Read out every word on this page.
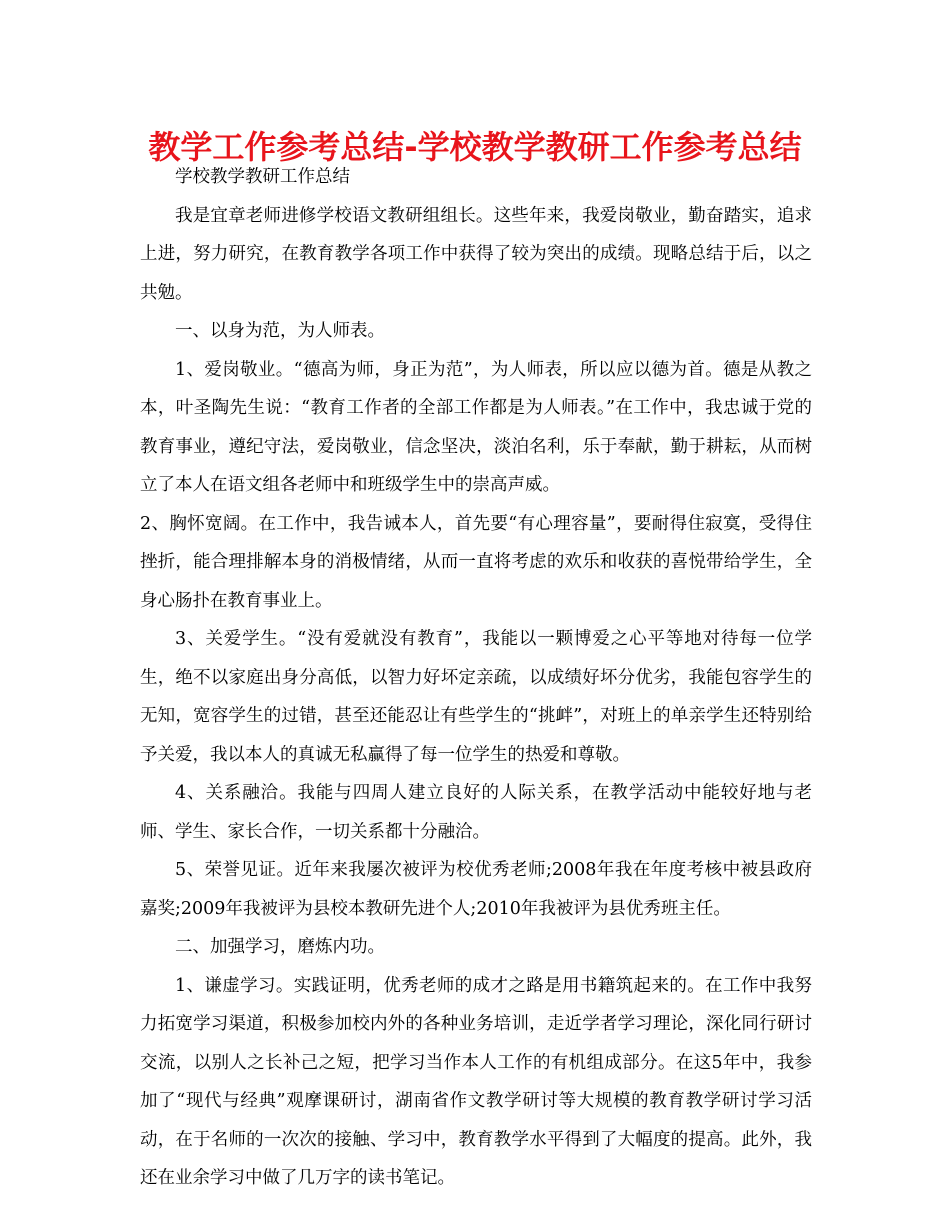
教学工作参考总结-学校教学教研工作参考总结

学校教学教研工作总结

我是宜章老师进修学校语文教研组组长。这些年来，我爱岗敬业，勤奋踏实，追求上进，努力研究，在教育教学各项工作中获得了较为突出的成绩。现略总结于后，以之共勉。

一、以身为范，为人师表。

1、爱岗敬业。“德高为师，身正为范”，为人师表，所以应以德为首。德是从教之本，叶圣陶先生说：“教育工作者的全部工作都是为人师表。”在工作中，我忠诚于党的教育事业，遵纪守法，爱岗敬业，信念坚决，淡泊名利，乐于奉献，勤于耕耘，从而树立了本人在语文组各老师中和班级学生中的崇高声威。

2、胸怀宽阔。在工作中，我告诫本人，首先要“有心理容量”，要耐得住寂寞，受得住挫折，能合理排解本身的消极情绪，从而一直将考虑的欢乐和收获的喜悦带给学生，全身心肠扑在教育事业上。

3、关爱学生。“没有爱就没有教育”，我能以一颗博爱之心平等地对待每一位学生，绝不以家庭出身分高低，以智力好坏定亲疏，以成绩好坏分优劣，我能包容学生的无知，宽容学生的过错，甚至还能忍让有些学生的“挑衅”，对班上的单亲学生还特别给予关爱，我以本人的真诚无私赢得了每一位学生的热爱和尊敬。

4、关系融洽。我能与四周人建立良好的人际关系，在教学活动中能较好地与老师、学生、家长合作，一切关系都十分融洽。

5、荣誉见证。近年来我屡次被评为校优秀老师;2008年我在年度考核中被县政府嘉奖;2009年我被评为县校本教研先进个人;2010年我被评为县优秀班主任。

二、加强学习，磨炼内功。

1、谦虚学习。实践证明，优秀老师的成才之路是用书籍筑起来的。在工作中我努力拓宽学习渠道，积极参加校内外的各种业务培训，走近学者学习理论，深化同行研讨交流，以别人之长补己之短，把学习当作本人工作的有机组成部分。在这5年中，我参加了“现代与经典”观摩课研讨，湖南省作文教学研讨等大规模的教育教学研讨学习活动，在于名师的一次次的接触、学习中，教育教学水平得到了大幅度的提高。此外，我还在业余学习中做了几万字的读书笔记。
